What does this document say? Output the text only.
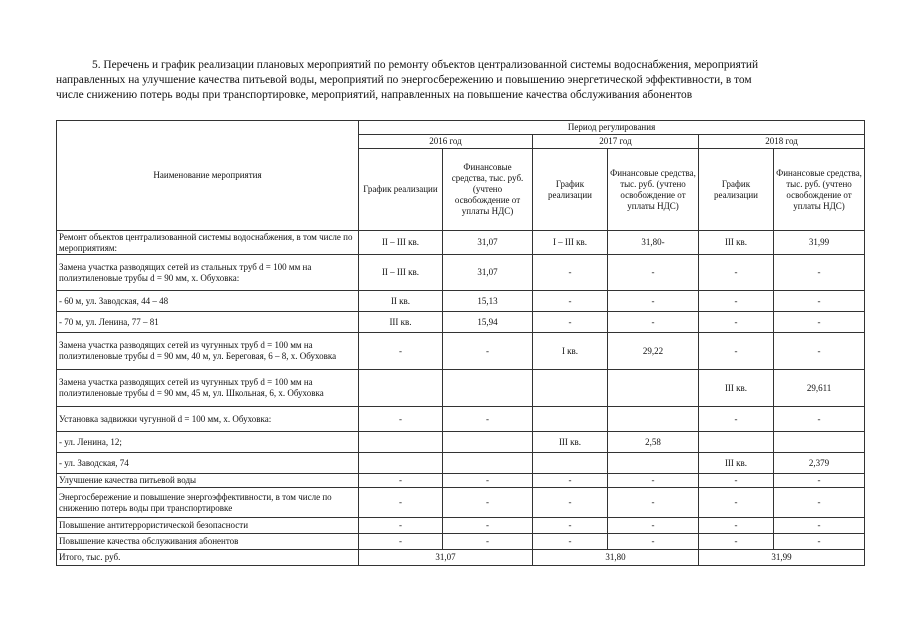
5. Перечень и график реализации плановых мероприятий по ремонту объектов централизованной системы водоснабжения, мероприятий
направленных на улучшение качества питьевой воды, мероприятий по энергосбережению и повышению энергетической эффективности, в том
числе снижению потерь воды при транспортировке, мероприятий, направленных на повышение качества обслуживания абонентов
Наименование мероприятия	Период регулирования					
	2016 год		2017 год		2018 год	
	График реализации	Финансовые средства, тыс. руб. (учтено освобождение от уплаты НДС)	График реализации	Финансовые средства, тыс. руб. (учтено освобождение от уплаты НДС)	График реализации	Финансовые средства, тыс. руб. (учтено освобождение от уплаты НДС)
Ремонт объектов централизованной системы водоснабжения, в том числе по мероприятиям:	II – III кв.	31,07	I – III кв.	31,80-	III кв.	31,99
Замена участка разводящих сетей из стальных труб d = 100 мм на полиэтиленовые трубы d = 90 мм, х. Обуховка:	II – III кв.	31,07	-	-	-	-
- 60 м, ул. Заводская, 44 – 48	II кв.	15,13	-	-	-	-
- 70 м, ул. Ленина, 77 – 81	III кв.	15,94	-	-	-	-
Замена участка разводящих сетей из чугунных труб d = 100 мм на полиэтиленовые трубы d = 90 мм, 40 м, ул. Береговая, 6 – 8, х. Обуховка	-	-	I кв.	29,22	-	-
Замена участка разводящих сетей из чугунных труб d = 100 мм на полиэтиленовые трубы d = 90 мм, 45 м, ул. Школьная, 6, х. Обуховка					III кв.	29,611
Установка задвижки чугунной d = 100 мм, х. Обуховка:	-	-			-	-
- ул. Ленина, 12;			III кв.	2,58		
- ул. Заводская, 74					III кв.	2,379
Улучшение качества питьевой воды	-	-	-	-	-	-
Энергосбережение и повышение энергоэффективности, в том числе по снижению потерь воды при транспортировке	-	-	-	-	-	-
Повышение антитеррористической безопасности	-	-	-	-	-	-
Повышение качества обслуживания абонентов	-	-	-	-	-	-
Итого, тыс. руб.	31,07		31,80		31,99	
